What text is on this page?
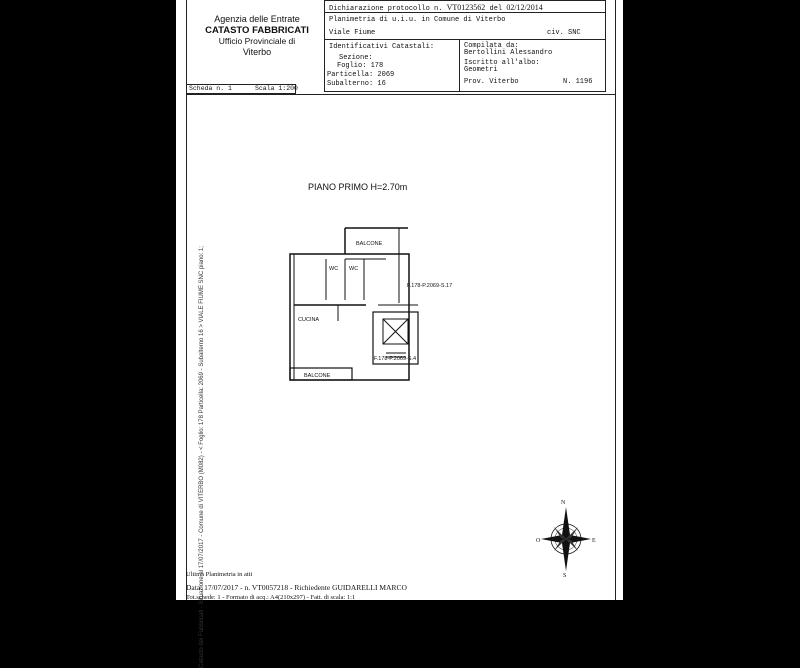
Agenzia delle Entrate
CATASTO FABBRICATI
Ufficio Provinciale di
Viterbo
Dichiarazione protocollo n. VT0123562 del 02/12/2014
Planimetria di u.i.u. in Comune di Viterbo
Viale Fiume	civ. SNC
Identificativi Catastali:
Sezione:
Foglio: 178
Particella: 2069
Subalterno: 16
Compilata da:
Bertollini Alessandro
Iscritto all'albo:
Geometri
Prov. Viterbo	N. 1196
Scheda n. 1	Scala 1:200
Catasto dei Fabbricati - Situazione al 17/07/2017 - Comune di VITERBO (M082) - < Foglio: 178 Particella: 2069 - Subalterno 16 > VIALE FIUME SNC piano: 1;
PIANO PRIMO H=2.70m
BALCONE
WC WC
CUCINA
BALCONE
F.178-P.2069-S.17
F.178-P.2069-S.4
N
E
S
O
Ultima Planimetria in atti
Data: 17/07/2017 - n. VT0057218 - Richiedente GUIDARELLI MARCO
Tot.schede: 1 - Formato di acq.: A4(210x297) - Fatt. di scala: 1:1
